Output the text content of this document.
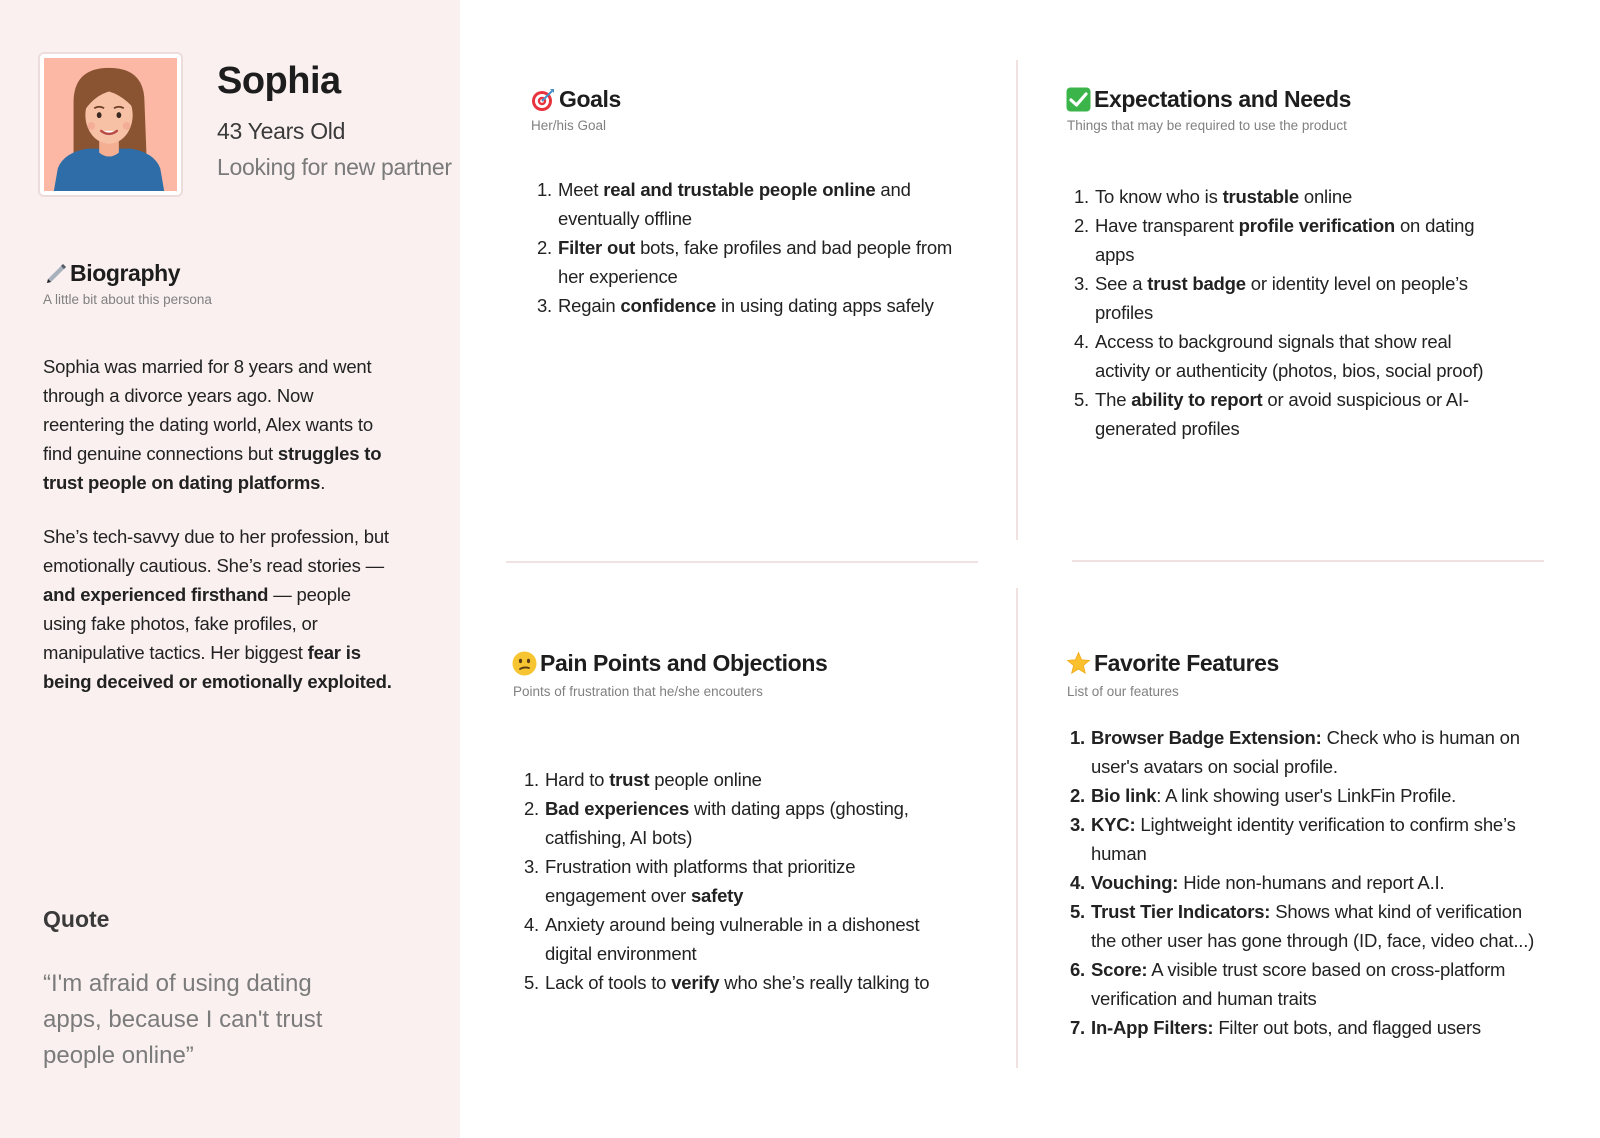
Sophia
43 Years Old
Looking for new partner
Biography
A little bit about this persona
Sophia was married for 8 years and went through a divorce years ago. Now reentering the dating world, Alex wants to find genuine connections but struggles to trust people on dating platforms.
She’s tech-savvy due to her profession, but emotionally cautious. She’s read stories — and experienced firsthand — people using fake photos, fake profiles, or manipulative tactics. Her biggest fear is being deceived or emotionally exploited.
Quote
“I'm afraid of using dating apps, because I can't trust people online”
Goals
Her/his Goal
1. Meet real and trustable people online and eventually offline
2. Filter out bots, fake profiles and bad people from her experience
3. Regain confidence in using dating apps safely
Expectations and Needs
Things that may be required to use the product
1. To know who is trustable online
2. Have transparent profile verification on dating apps
3. See a trust badge or identity level on people’s profiles
4. Access to background signals that show real activity or authenticity (photos, bios, social proof)
5. The ability to report or avoid suspicious or AI-generated profiles
Pain Points and Objections
Points of frustration that he/she encouters
1. Hard to trust people online
2. Bad experiences with dating apps (ghosting, catfishing, AI bots)
3. Frustration with platforms that prioritize engagement over safety
4. Anxiety around being vulnerable in a dishonest digital environment
5. Lack of tools to verify who she’s really talking to
Favorite Features
List of our features
1. Browser Badge Extension: Check who is human on user's avatars on social profile.
2. Bio link: A link showing user's LinkFin Profile.
3. KYC: Lightweight identity verification to confirm she’s human
4. Vouching: Hide non-humans and report A.I.
5. Trust Tier Indicators: Shows what kind of verification the other user has gone through (ID, face, video chat...)
6. Score: A visible trust score based on cross-platform verification and human traits
7. In-App Filters: Filter out bots, and flagged users
